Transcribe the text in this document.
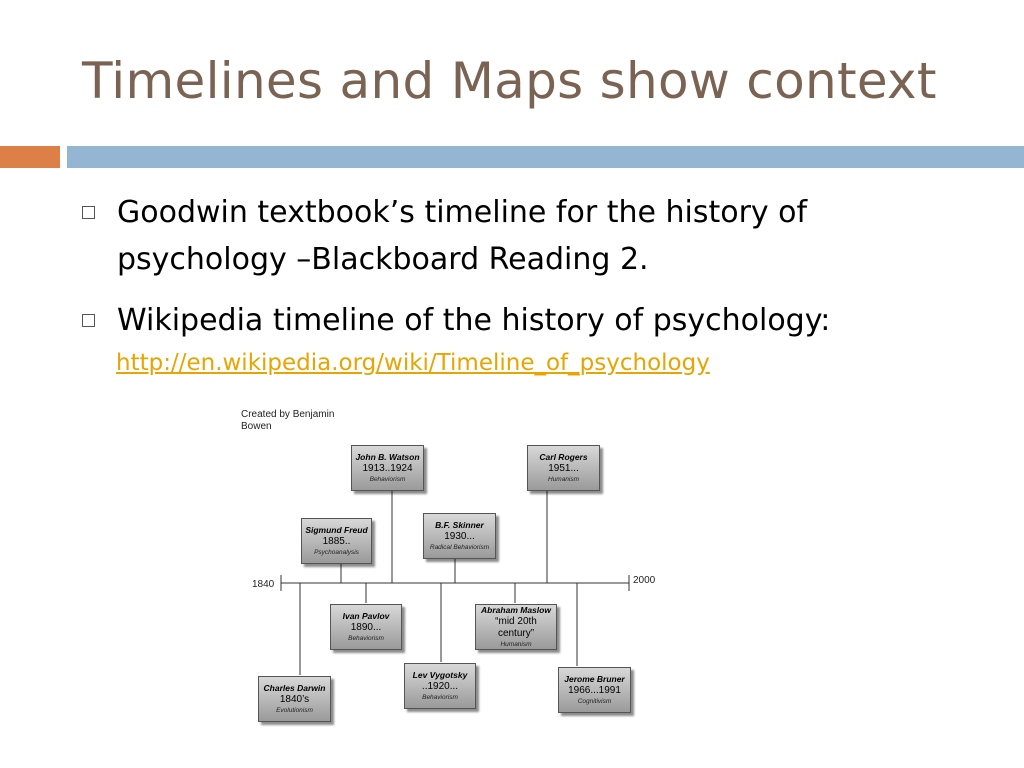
Timelines and Maps show context
Goodwin textbook’s timeline for the history of psychology –Blackboard Reading 2.
Wikipedia timeline of the history of psychology:
http://en.wikipedia.org/wiki/Timeline_of_psychology
Created by Benjamin Bowen
1840	2000
John B. Watson
1913..1924
Behaviorism
Carl Rogers
1951...
Humanism
Sigmund Freud
1885..
Psychoanalysis
B.F. Skinner
1930...
Radical Behaviorism
Ivan Pavlov
1890...
Behaviorism
Abraham Maslow
“mid 20th century”
Humanism
Charles Darwin
1840’s
Evolutionism
Lev Vygotsky
..1920...
Behaviorism
Jerome Bruner
1966...1991
Cognitivism
